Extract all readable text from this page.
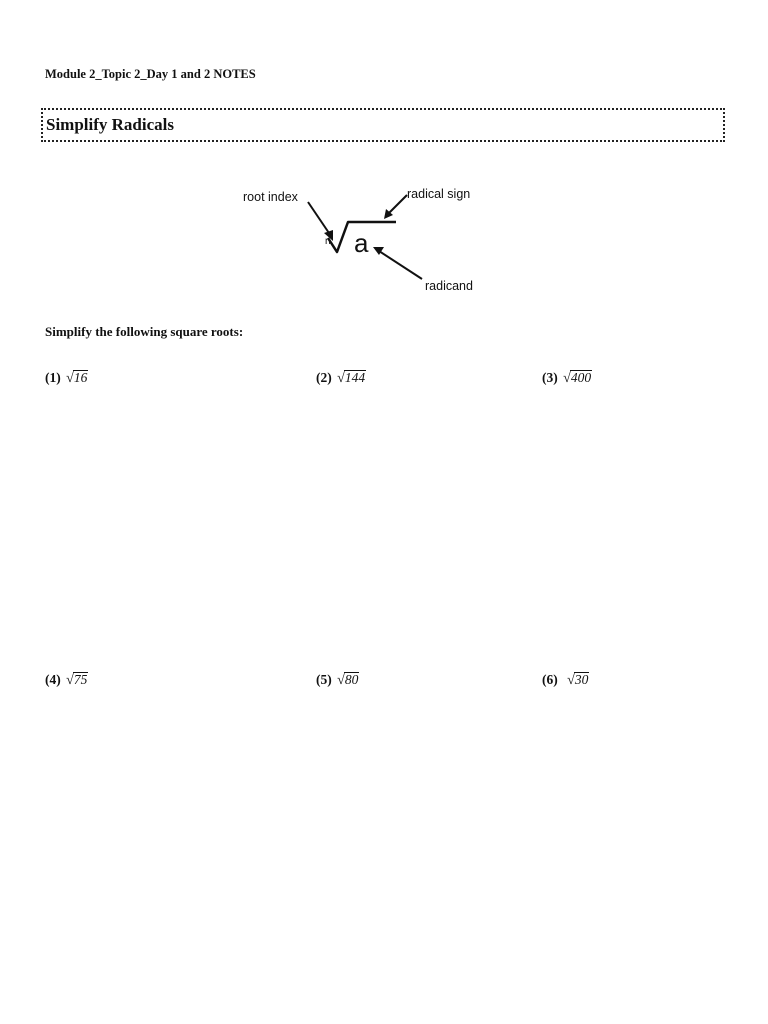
Module 2_Topic 2_Day 1 and 2 NOTES
Simplify Radicals
root index	radical sign
radicand
n a
Simplify the following square roots:
(1) √16	(2) √144	(3) √400
(4) √75	(5) √80	(6) √30
